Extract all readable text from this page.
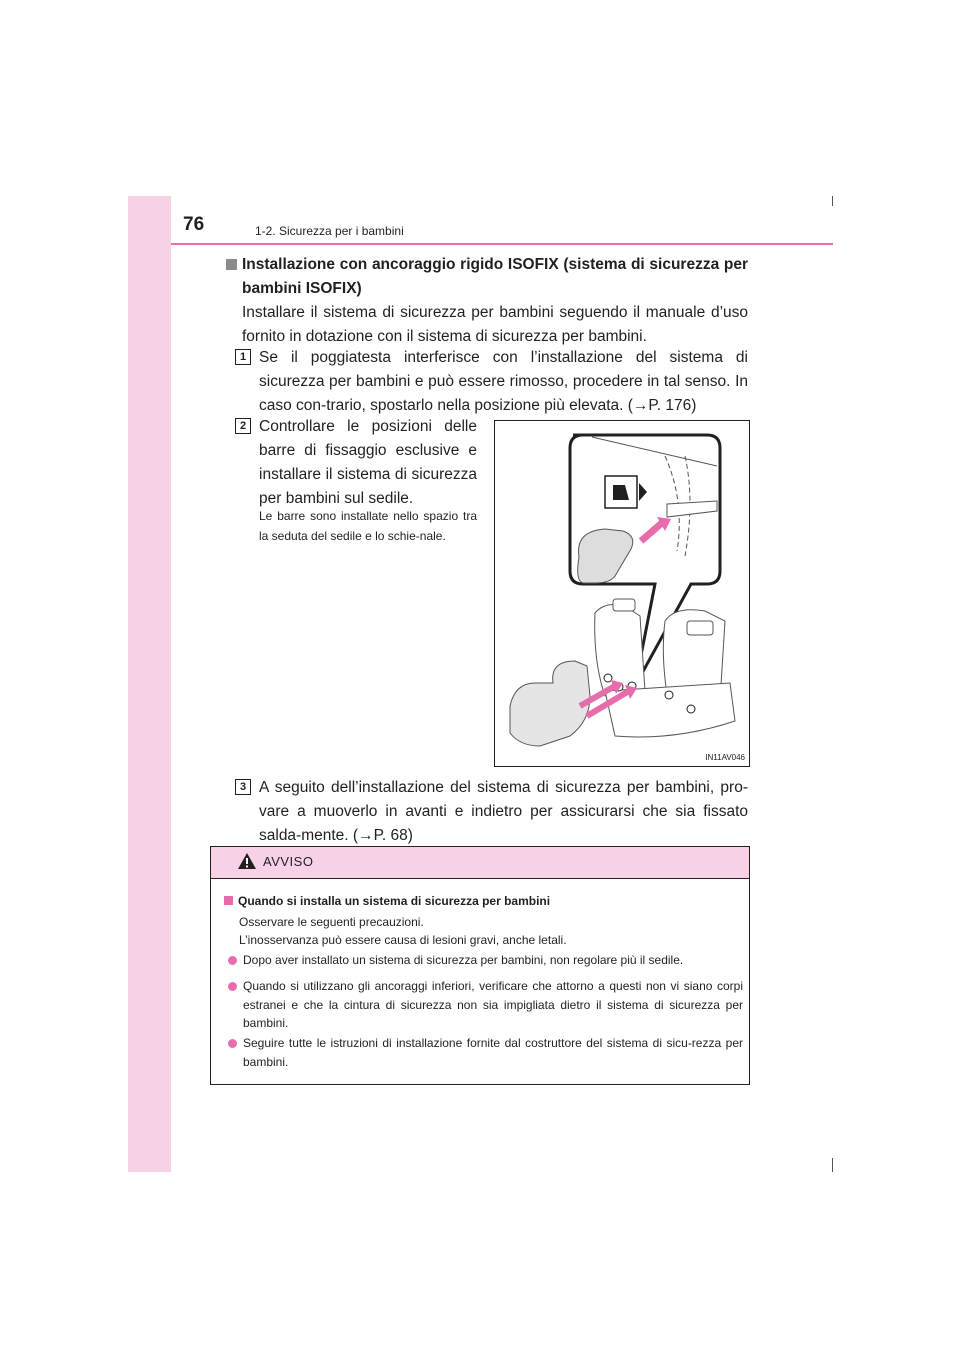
76	1-2. Sicurezza per i bambini
Installazione con ancoraggio rigido ISOFIX (sistema di sicurezza per bambini ISOFIX)
Installare il sistema di sicurezza per bambini seguendo il manuale d’uso fornito in dotazione con il sistema di sicurezza per bambini.
1 Se il poggiatesta interferisce con l’installazione del sistema di sicurezza per bambini e può essere rimosso, procedere in tal senso. In caso con-trario, spostarlo nella posizione più elevata. (→P. 176)
2 Controllare le posizioni delle barre di fissaggio esclusive e installare il sistema di sicurezza per bambini sul sedile.
Le barre sono installate nello spazio tra la seduta del sedile e lo schie-nale.
IN11AV046
3 A seguito dell’installazione del sistema di sicurezza per bambini, pro-vare a muoverlo in avanti e indietro per assicurarsi che sia fissato salda-mente. (→P. 68)
AVVISO
Quando si installa un sistema di sicurezza per bambini
Osservare le seguenti precauzioni.
L’inosservanza può essere causa di lesioni gravi, anche letali.
Dopo aver installato un sistema di sicurezza per bambini, non regolare più il sedile.
Quando si utilizzano gli ancoraggi inferiori, verificare che attorno a questi non vi siano corpi estranei e che la cintura di sicurezza non sia impigliata dietro il sistema di sicurezza per bambini.
Seguire tutte le istruzioni di installazione fornite dal costruttore del sistema di sicu-rezza per bambini.
